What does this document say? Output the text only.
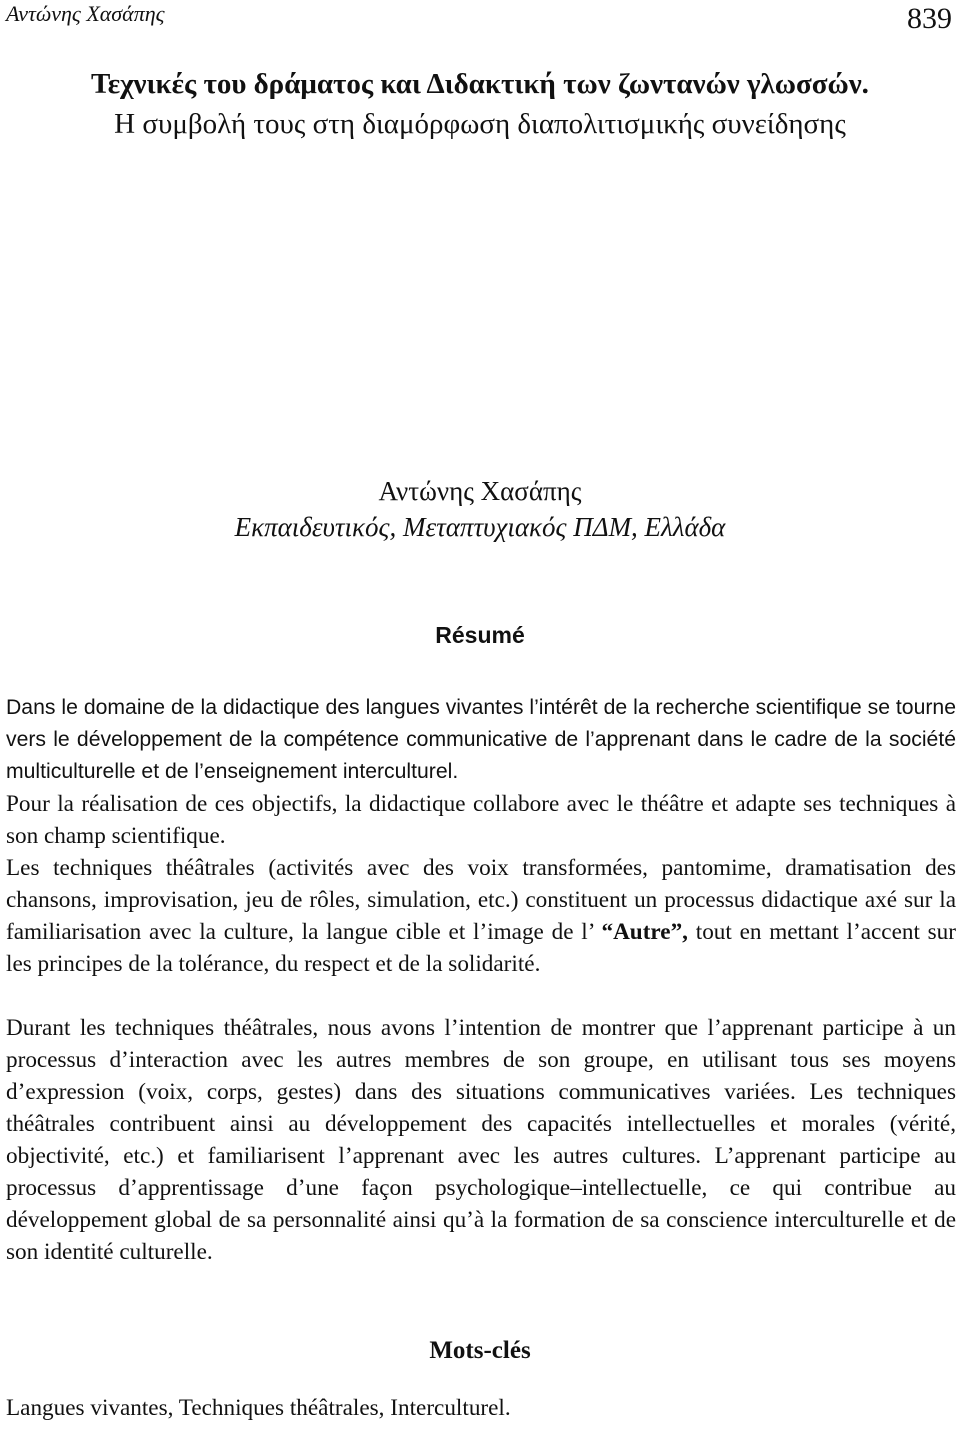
Αντώνης Χασάπης	839
Τεχνικές του δράματος και Διδακτική των ζωντανών γλωσσών.
Η συμβολή τους στη διαμόρφωση διαπολιτισμικής συνείδησης
Αντώνης Χασάπης
Εκπαιδευτικός, Μεταπτυχιακός ΠΔΜ, Ελλάδα
Résumé
Dans le domaine de la didactique des langues vivantes l’intérêt de la recherche scientifique se tourne vers le développement de la compétence communicative de l’apprenant dans le cadre de la société multiculturelle et de l’enseignement interculturel.
Pour la réalisation de ces objectifs, la didactique collabore avec le théâtre et adapte ses techniques à son champ scientifique.
Les techniques théâtrales (activités avec des voix transformées, pantomime, dramatisation des chansons, improvisation, jeu de rôles, simulation, etc.) constituent un processus didactique axé sur la familiarisation avec la culture, la langue cible et l’image de l’ “Autre”, tout en mettant l’accent sur les principes de la tolérance, du respect et de la solidarité.
Durant les techniques théâtrales, nous avons l’intention de montrer que l’apprenant participe à un processus d’interaction avec les autres membres de son groupe, en utilisant tous ses moyens d’expression (voix, corps, gestes) dans des situations communicatives variées. Les techniques théâtrales contribuent ainsi au développement des capacités intellectuelles et morales (vérité, objectivité, etc.) et familiarisent l’apprenant avec les autres cultures. L’apprenant participe au processus d’apprentissage d’une façon psychologique–intellectuelle, ce qui contribue au développement global de sa personnalité ainsi qu’à la formation de sa conscience interculturelle et de son identité culturelle.
Mots-clés
Langues vivantes, Techniques théâtrales, Interculturel.
